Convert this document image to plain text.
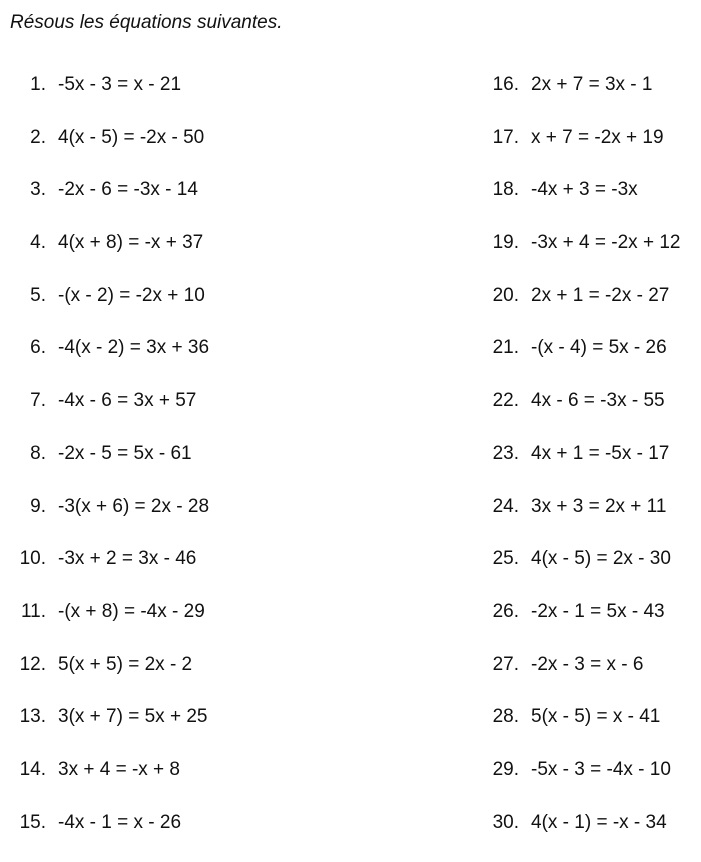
Résous les équations suivantes.
1. -5x - 3 = x - 21
2. 4(x - 5) = -2x - 50
3. -2x - 6 = -3x - 14
4. 4(x + 8) = -x + 37
5. -(x - 2) = -2x + 10
6. -4(x - 2) = 3x + 36
7. -4x - 6 = 3x + 57
8. -2x - 5 = 5x - 61
9. -3(x + 6) = 2x - 28
10. -3x + 2 = 3x - 46
11. -(x + 8) = -4x - 29
12. 5(x + 5) = 2x - 2
13. 3(x + 7) = 5x + 25
14. 3x + 4 = -x + 8
15. -4x - 1 = x - 26
16. 2x + 7 = 3x - 1
17. x + 7 = -2x + 19
18. -4x + 3 = -3x
19. -3x + 4 = -2x + 12
20. 2x + 1 = -2x - 27
21. -(x - 4) = 5x - 26
22. 4x - 6 = -3x - 55
23. 4x + 1 = -5x - 17
24. 3x + 3 = 2x + 11
25. 4(x - 5) = 2x - 30
26. -2x - 1 = 5x - 43
27. -2x - 3 = x - 6
28. 5(x - 5) = x - 41
29. -5x - 3 = -4x - 10
30. 4(x - 1) = -x - 34
